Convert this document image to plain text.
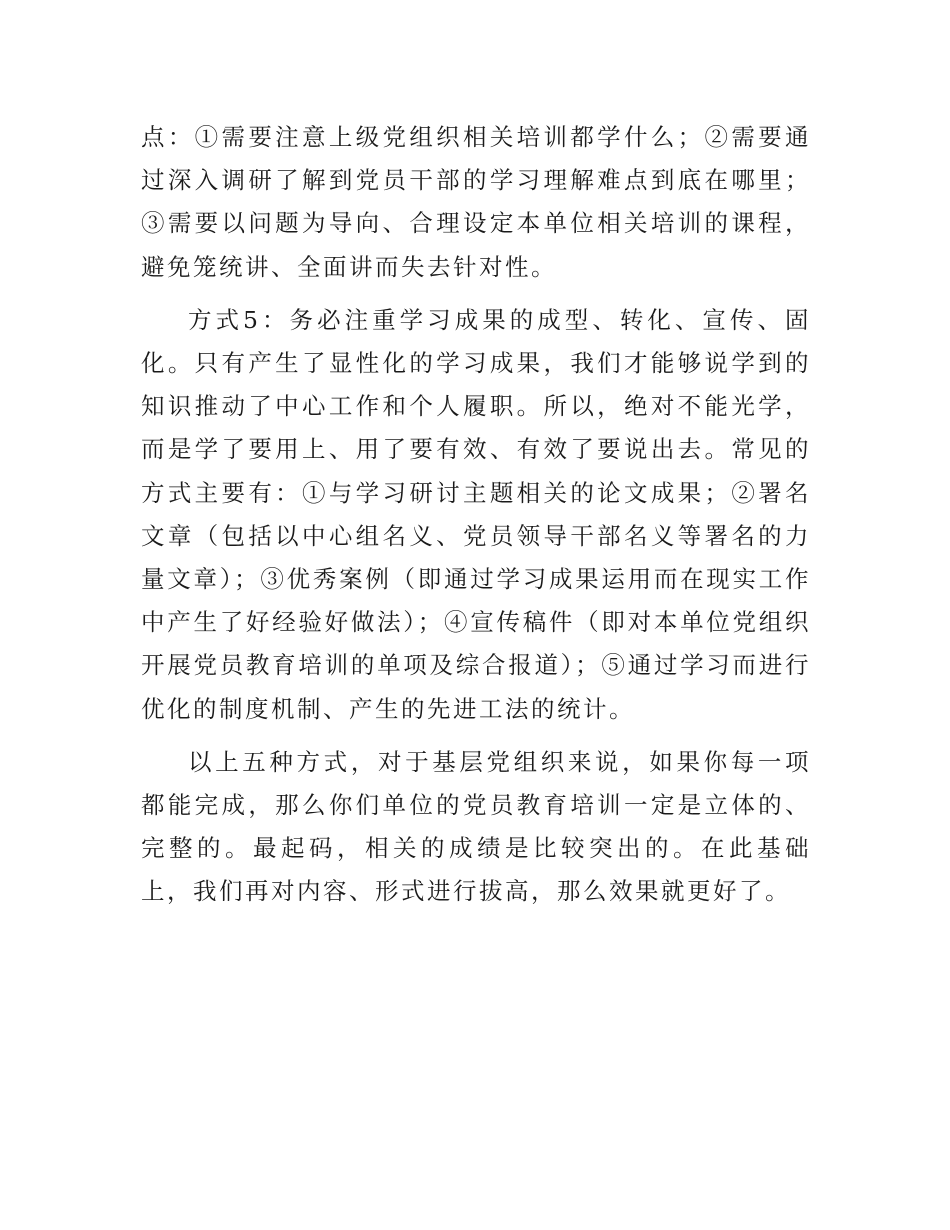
点：①需要注意上级党组织相关培训都学什么；②需要通过深入调研了解到党员干部的学习理解难点到底在哪里；③需要以问题为导向、合理设定本单位相关培训的课程，避免笼统讲、全面讲而失去针对性。

方式5：务必注重学习成果的成型、转化、宣传、固化。只有产生了显性化的学习成果，我们才能够说学到的知识推动了中心工作和个人履职。所以，绝对不能光学，而是学了要用上、用了要有效、有效了要说出去。常见的方式主要有：①与学习研讨主题相关的论文成果；②署名文章（包括以中心组名义、党员领导干部名义等署名的力量文章）；③优秀案例（即通过学习成果运用而在现实工作中产生了好经验好做法）；④宣传稿件（即对本单位党组织开展党员教育培训的单项及综合报道）；⑤通过学习而进行优化的制度机制、产生的先进工法的统计。

以上五种方式，对于基层党组织来说，如果你每一项都能完成，那么你们单位的党员教育培训一定是立体的、完整的。最起码，相关的成绩是比较突出的。在此基础上，我们再对内容、形式进行拔高，那么效果就更好了。
